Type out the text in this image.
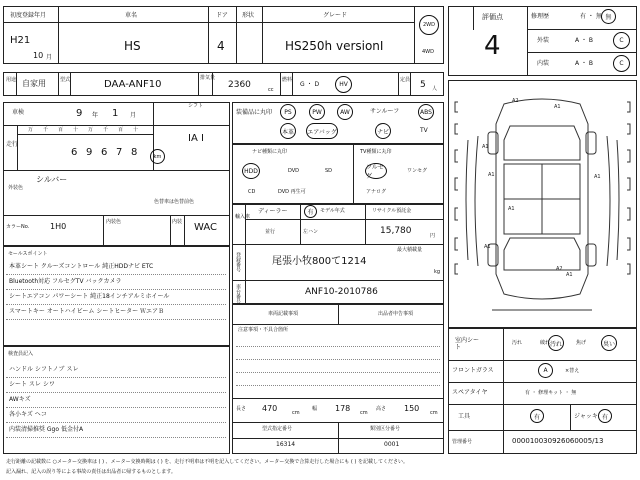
初度登録年月
H21
10 月
車名
HS
ドア
4
形状	グレード
HS250h versionI
2WD
4WD
評価点
4
修理歴	有 ・ 無 無
外装	A ・ B	C
内装	A ・ B	C
用途 自家用	型式	DAA-ANF10
排気量
2360	cc
燃料
G ・ D	HV
定員 5 人
車検	9 年 1 月
シフト
IA I
走行
万 千 百 十 万 千 百 十
6 9 6 7 8	km
外装色
シルバー
色替車は色替前色
カラーNo.	1H0	内装色	内装 WAC
セールスポイント
本革シート クルーズコントロール 純正HDDナビ ETC
Bluetooth対応 フルセグTV バックカメラ
シートエアコン パワーシート 純正18インチアルミホイール
スマートキー オートハイビーム シートヒーター ＷエアＢ
検査員記入
ハンドル シフトノブ スレ
シート スレ シワ
AWキズ
各小キズ ヘコ
内装清掃推奨 Ggo 低金付A
装備品に丸印	PS	PW	AW	サンルーフ	ABS
本革	エアバッグ	ナビ	TV
ナビ種類に丸印
HDD	DVD	SD
CD	DVD 再生可
TV種類に丸印
フルセグ
ワンセグ
アナログ
輸入車
ディーラー	有
並行	左ハン
モデル年式	リサイクル預託金
15,780	円
最大積載量
kg
登録番号	尾張小牧800て1214
車台番号	ANF10-2010786
車両記載事項	出品者申告事項
注意事項・不具合箇所
長さ 470	cm
幅 178 cm
高さ 150 cm
型式指定番号	類別区分番号
16314	0001
A2
A1
A1
A1
A1
A1
A1
A2
A1
室内シート
汚れ	破れ 汚れ	臭い
焦げ
フロントガラス	A	×替え
スペアタイヤ	有 ・ 修理キット ・ 無
工具	有	ジャッキ 有
管理番号	000010030926060005/13
走行距離の記載数に ○メーター交換車は ( ) 、メーター交換時期は ( ) を、走行不明車は不明を記入してください。メーター交換で合算走行した場合にも ( ) を記載してください。
記入漏れ、記入の誤り等による事故の責任は出品者に帰するものとします。
